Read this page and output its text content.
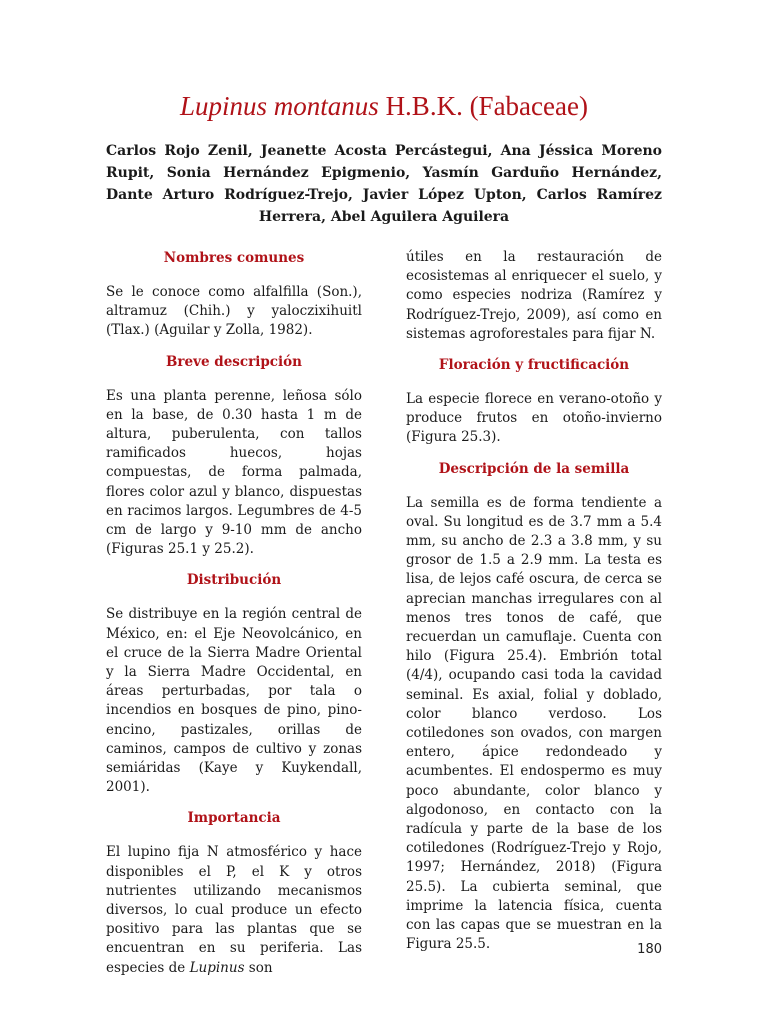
Lupinus montanus H.B.K. (Fabaceae)
Carlos Rojo Zenil, Jeanette Acosta Percástegui, Ana Jéssica Moreno Rupit, Sonia Hernández Epigmenio, Yasmín Garduño Hernández, Dante Arturo Rodríguez-Trejo, Javier López Upton, Carlos Ramírez Herrera, Abel Aguilera Aguilera

Nombres comunes

Se le conoce como alfalfilla (Son.), altramuz (Chih.) y yaloczixihuitl (Tlax.) (Aguilar y Zolla, 1982).

Breve descripción

Es una planta perenne, leñosa sólo en la base, de 0.30 hasta 1 m de altura, puberulenta, con tallos ramificados huecos, hojas compuestas, de forma palmada, flores color azul y blanco, dispuestas en racimos largos. Legumbres de 4-5 cm de largo y 9-10 mm de ancho (Figuras 25.1 y 25.2).

Distribución

Se distribuye en la región central de México, en: el Eje Neovolcánico, en el cruce de la Sierra Madre Oriental y la Sierra Madre Occidental, en áreas perturbadas, por tala o incendios en bosques de pino, pino-encino, pastizales, orillas de caminos, campos de cultivo y zonas semiáridas (Kaye y Kuykendall, 2001).

Importancia

El lupino fija N atmosférico y hace disponibles el P, el K y otros nutrientes utilizando mecanismos diversos, lo cual produce un efecto positivo para las plantas que se encuentran en su periferia. Las especies de Lupinus son

útiles en la restauración de ecosistemas al enriquecer el suelo, y como especies nodriza (Ramírez y Rodríguez-Trejo, 2009), así como en sistemas agroforestales para fijar N.

Floración y fructificación

La especie florece en verano-otoño y produce frutos en otoño-invierno (Figura 25.3).

Descripción de la semilla

La semilla es de forma tendiente a oval. Su longitud es de 3.7 mm a 5.4 mm, su ancho de 2.3 a 3.8 mm, y su grosor de 1.5 a 2.9 mm. La testa es lisa, de lejos café oscura, de cerca se aprecian manchas irregulares con al menos tres tonos de café, que recuerdan un camuflaje. Cuenta con hilo (Figura 25.4). Embrión total (4/4), ocupando casi toda la cavidad seminal. Es axial, folial y doblado, color blanco verdoso. Los cotiledones son ovados, con margen entero, ápice redondeado y acumbentes. El endospermo es muy poco abundante, color blanco y algodonoso, en contacto con la radícula y parte de la base de los cotiledones (Rodríguez-Trejo y Rojo, 1997; Hernández, 2018) (Figura 25.5). La cubierta seminal, que imprime la latencia física, cuenta con las capas que se muestran en la Figura 25.5.	180
